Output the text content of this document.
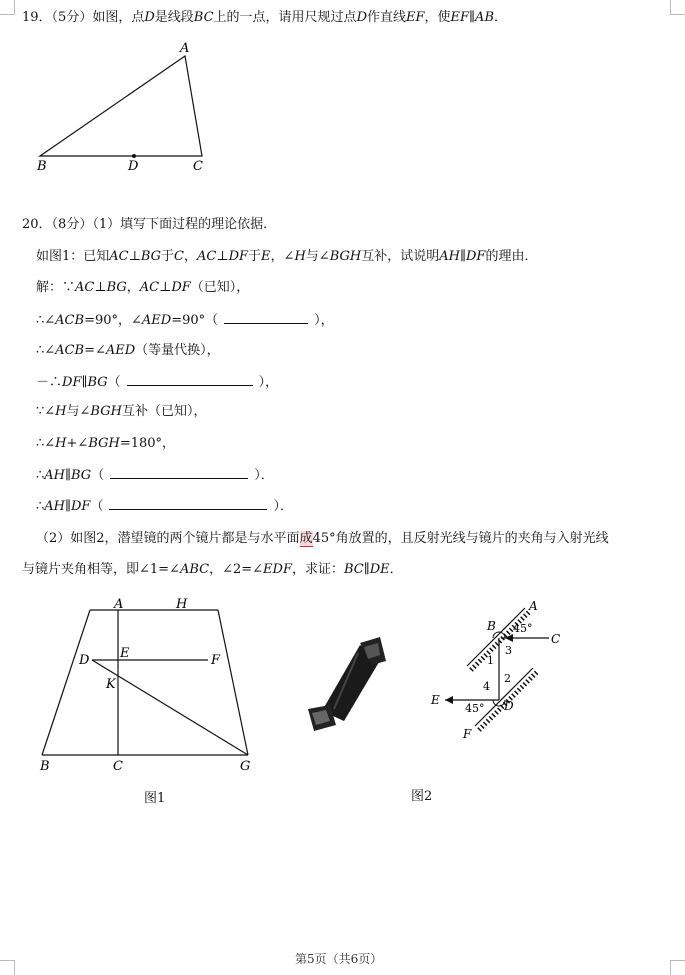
19．（5分）如图，点D是线段BC上的一点，请用尺规过点D作直线EF，使EF∥AB．
A
B	C
D
20．（8分）（1）填写下面过程的理论依据．
如图1：已知AC⊥BG于C，AC⊥DF于E，∠H与∠BGH互补，试说明AH∥DF的理由．
解：∵AC⊥BG，AC⊥DF（已知），
∴∠ACB=90°，∠AED=90°（	），
∴∠ACB=∠AED（等量代换），
－∴DF∥BG（	），
∵∠H与∠BGH互补（已知），
∴∠H+∠BGH=180°，
∴AH∥BG（	）．
∴AH∥DF（	）．
（2）如图2，潜望镜的两个镜片都是与水平面成45°角放置的，且反射光线与镜片的夹角与入射光线
与镜片夹角相等，即∠1=∠ABC，∠2=∠EDF，求证：BC∥DE．
A	H
D E	F
K
B	C	G
A
B
C
D
E
F
1
2
3
4
45°
45°
图1	图2
第5页（共6页）
